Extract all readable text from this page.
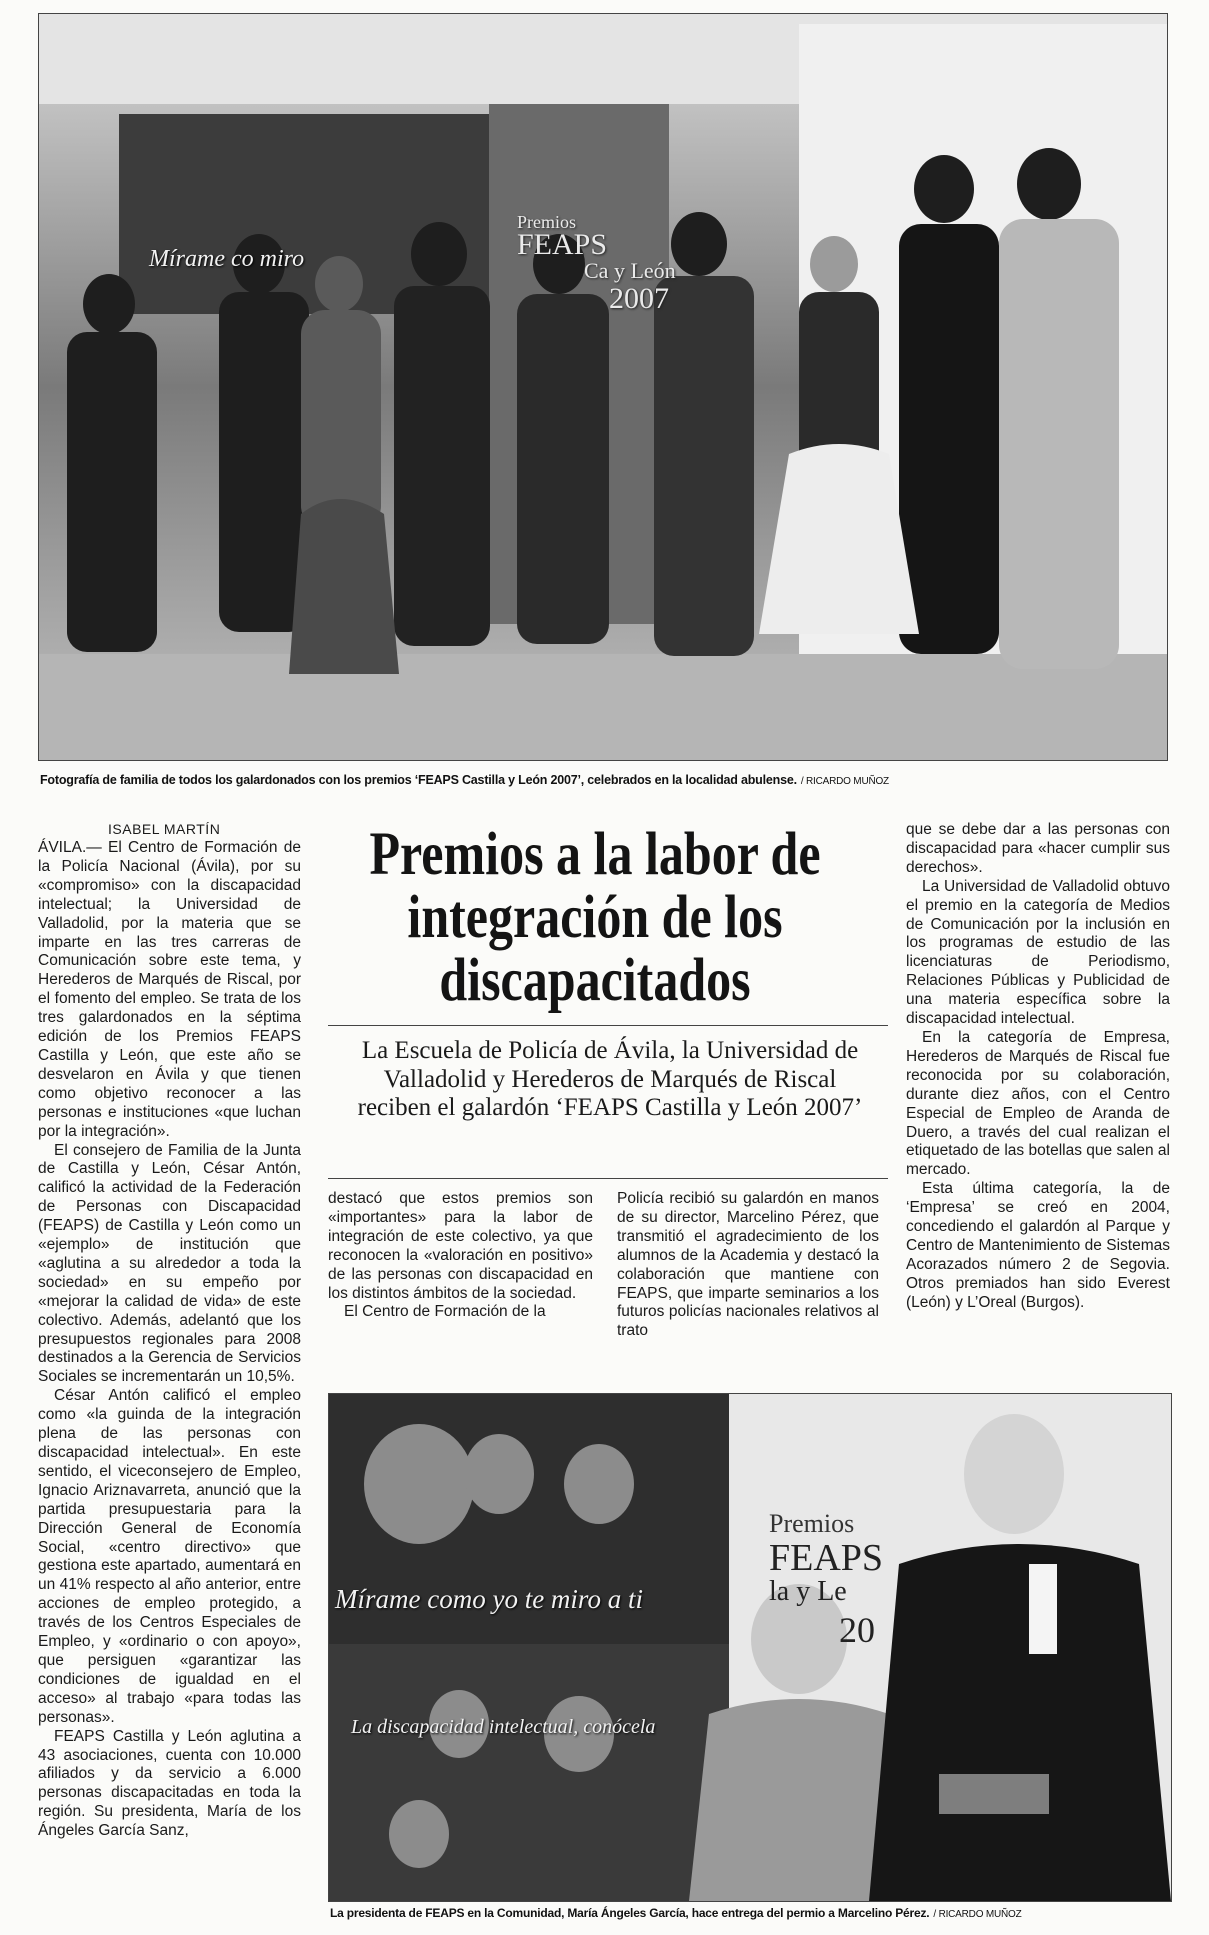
Mírame co miro
Premios
FEAPS
Ca y León
2007
Fotografía de familia de todos los galardonados con los premios ‘FEAPS Castilla y León 2007’, celebrados en la localidad abulense. / RICARDO MUÑOZ
ISABEL MARTÍN

ÁVILA.— El Centro de Formación de la Policía Nacional (Ávila), por su «compromiso» con la discapacidad intelectual; la Universidad de Valladolid, por la materia que se imparte en las tres carreras de Comunicación sobre este tema, y Herederos de Marqués de Riscal, por el fomento del empleo. Se trata de los tres galardonados en la séptima edición de los Premios FEAPS Castilla y León, que este año se desvelaron en Ávila y que tienen como objetivo reconocer a las personas e instituciones «que luchan por la integración».

El consejero de Familia de la Junta de Castilla y León, César Antón, calificó la actividad de la Federación de Personas con Discapacidad (FEAPS) de Castilla y León como un «ejemplo» de institución que «aglutina a su alrededor a toda la sociedad» en su empeño por «mejorar la calidad de vida» de este colectivo. Además, adelantó que los presupuestos regionales para 2008 destinados a la Gerencia de Servicios Sociales se incrementarán un 10,5%.

César Antón calificó el empleo como «la guinda de la integración plena de las personas con discapacidad intelectual». En este sentido, el viceconsejero de Empleo, Ignacio Ariznavarreta, anunció que la partida presupuestaria para la Dirección General de Economía Social, «centro directivo» que gestiona este apartado, aumentará en un 41% respecto al año anterior, entre acciones de empleo protegido, a través de los Centros Especiales de Empleo, y «ordinario o con apoyo», que persiguen «garantizar las condiciones de igualdad en el acceso» al trabajo «para todas las personas».

FEAPS Castilla y León aglutina a 43 asociaciones, cuenta con 10.000 afiliados y da servicio a 6.000 personas discapacitadas en toda la región. Su presidenta, María de los Ángeles García Sanz,

Premios a la labor de integración de los discapacitados
La Escuela de Policía de Ávila, la Universidad de Valladolid y Herederos de Marqués de Riscal reciben el galardón ‘FEAPS Castilla y León 2007’

destacó que estos premios son «importantes» para la labor de integración de este colectivo, ya que reconocen la «valoración en positivo» de las personas con discapacidad en los distintos ámbitos de la sociedad.

El Centro de Formación de la

Policía recibió su galardón en manos de su director, Marcelino Pérez, que transmitió el agradecimiento de los alumnos de la Academia y destacó la colaboración que mantiene con FEAPS, que imparte seminarios a los futuros policías nacionales relativos al trato

que se debe dar a las personas con discapacidad para «hacer cumplir sus derechos».

La Universidad de Valladolid obtuvo el premio en la categoría de Medios de Comunicación por la inclusión en los programas de estudio de las licenciaturas de Periodismo, Relaciones Públicas y Publicidad de una materia específica sobre la discapacidad intelectual.

En la categoría de Empresa, Herederos de Marqués de Riscal fue reconocida por su colaboración, durante diez años, con el Centro Especial de Empleo de Aranda de Duero, a través del cual realizan el etiquetado de las botellas que salen al mercado.

Esta última categoría, la de ‘Empresa’ se creó en 2004, concediendo el galardón al Parque y Centro de Mantenimiento de Sistemas Acorazados número 2 de Segovia. Otros premiados han sido Everest (León) y L’Oreal (Burgos).

Mírame como yo te miro a ti
La discapacidad intelectual, conócela
Premios
FEAPS
la y Le
20
La presidenta de FEAPS en la Comunidad, María Ángeles García, hace entrega del permio a Marcelino Pérez. / RICARDO MUÑOZ
